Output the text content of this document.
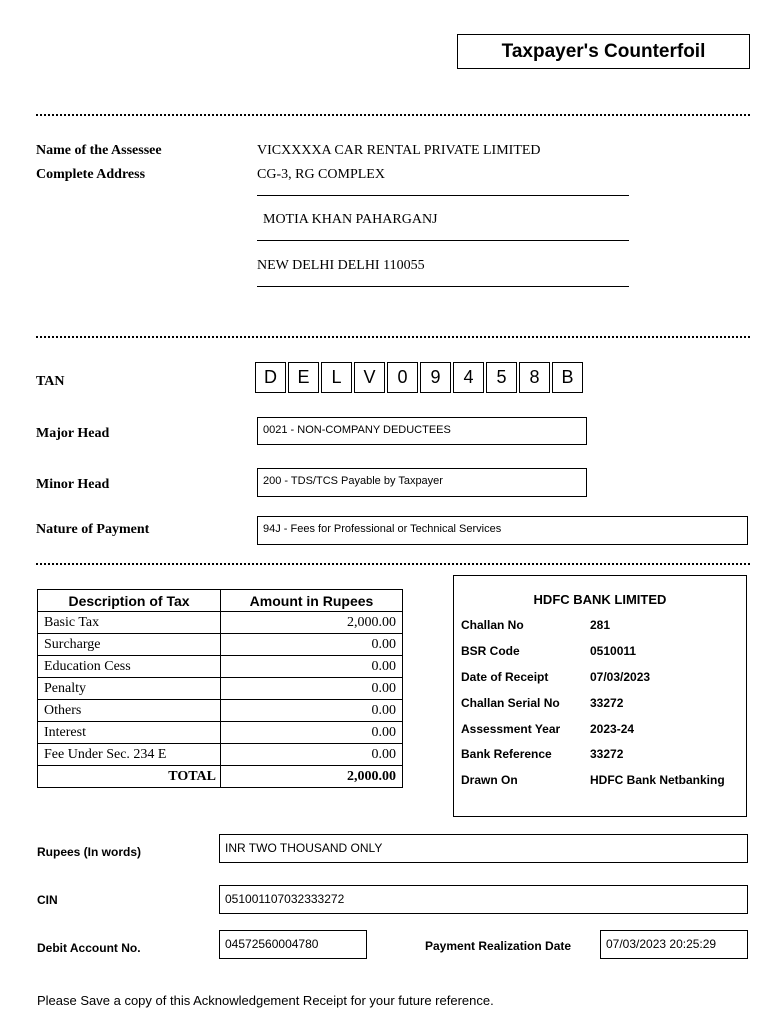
Taxpayer's Counterfoil
Name of the Assessee	VICXXXXA CAR RENTAL PRIVATE LIMITED
Complete Address	CG-3, RG COMPLEX
MOTIA KHAN PAHARGANJ
NEW DELHI DELHI 110055
TAN	D	E	L	V	0	9	4	5	8	B
Major Head	0021 - NON-COMPANY DEDUCTEES
Minor Head	200 - TDS/TCS Payable by Taxpayer
Nature of Payment	94J - Fees for Professional or Technical Services
Description of Tax	Amount in Rupees
Basic Tax	2,000.00
Surcharge	0.00
Education Cess	0.00
Penalty	0.00
Others	0.00
Interest	0.00
Fee Under Sec. 234 E	0.00
TOTAL	2,000.00
HDFC BANK LIMITED
Challan No	281
BSR Code	0510011
Date of Receipt	07/03/2023
Challan Serial No	33272
Assessment Year 2023-24
Bank Reference	33272
Drawn On	HDFC Bank Netbanking
Rupees (In words)	INR TWO THOUSAND ONLY
CIN	051001107032333272
Debit Account No.	04572560004780	Payment Realization Date	07/03/2023 20:25:29
Please Save a copy of this Acknowledgement Receipt for your future reference.
